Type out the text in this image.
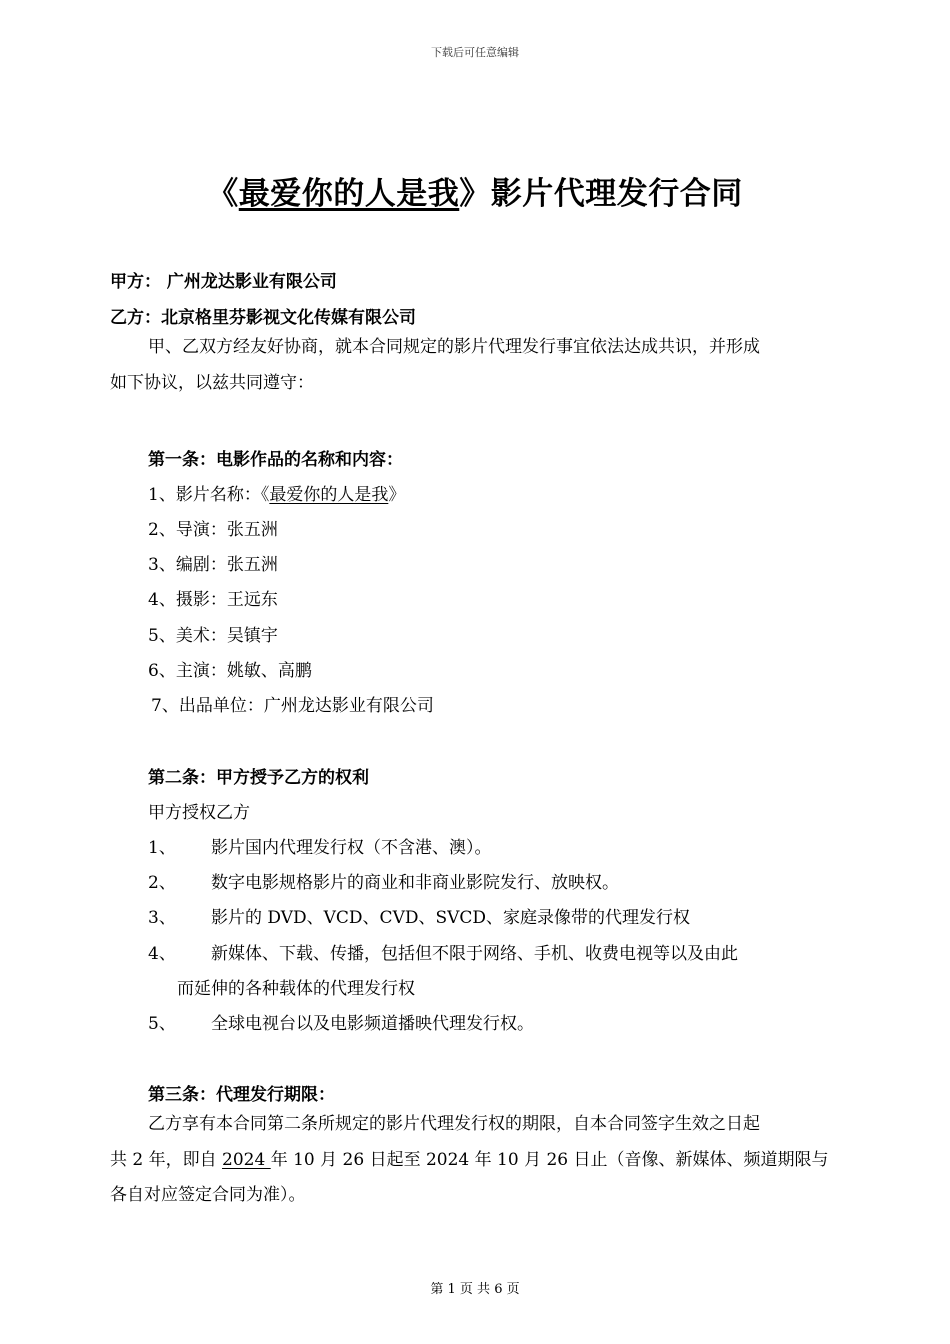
下载后可任意编辑
《最爱你的人是我》影片代理发行合同
甲方： 广州龙达影业有限公司
乙方：北京格里芬影视文化传媒有限公司
甲、乙双方经友好协商，就本合同规定的影片代理发行事宜依法达成共识，并形成
如下协议，以兹共同遵守：
第一条：电影作品的名称和内容：
1、影片名称：《最爱你的人是我》
2、导演：张五洲
3、编剧：张五洲
4、摄影：王远东
5、美术：吴镇宇
6、主演：姚敏、高鹏
7、出品单位：广州龙达影业有限公司
第二条：甲方授予乙方的权利
甲方授权乙方
1、 影片国内代理发行权（不含港、澳）。
2、 数字电影规格影片的商业和非商业影院发行、放映权。
3、 影片的 DVD、VCD、CVD、SVCD、家庭录像带的代理发行权
4、 新媒体、下载、传播，包括但不限于网络、手机、收费电视等以及由此
而延伸的各种载体的代理发行权
5、 全球电视台以及电影频道播映代理发行权。
第三条：代理发行期限：
乙方享有本合同第二条所规定的影片代理发行权的期限，自本合同签字生效之日起
共 2 年，即自 2024 年 10 月 26 日起至 2024 年 10 月 26 日止（音像、新媒体、频道期限与
各自对应签定合同为准）。
第 1 页 共 6 页
